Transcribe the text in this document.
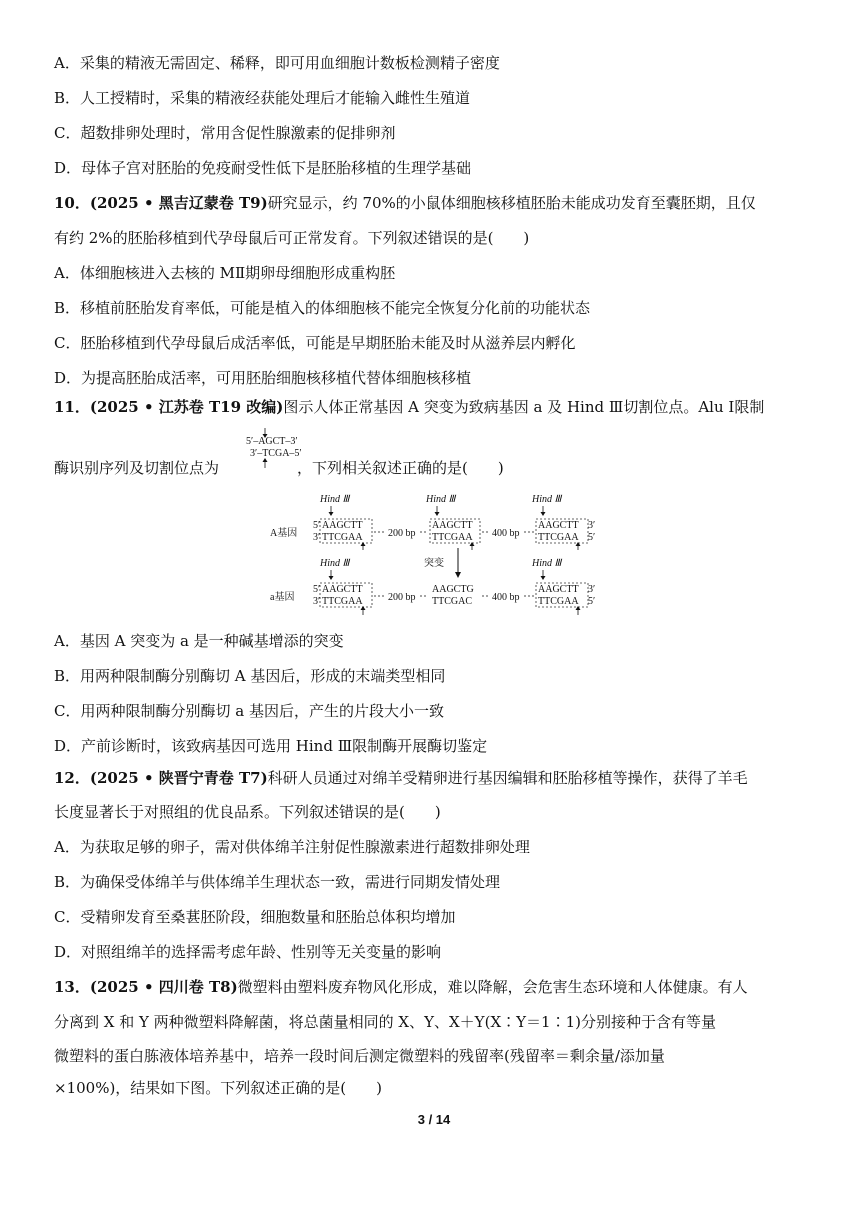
A．采集的精液无需固定、稀释，即可用血细胞计数板检测精子密度
B．人工授精时，采集的精液经获能处理后才能输入雌性生殖道
C．超数排卵处理时，常用含促性腺激素的促排卵剂
D．母体子宫对胚胎的免疫耐受性低下是胚胎移植的生理学基础
10．(2025 • 黑吉辽蒙卷 T9)研究显示，约 70%的小鼠体细胞核移植胚胎未能成功发育至囊胚期，且仅
有约 2%的胚胎移植到代孕母鼠后可正常发育。下列叙述错误的是(　　)
A．体细胞核进入去核的 MⅡ期卵母细胞形成重构胚
B．移植前胚胎发育率低，可能是植入的体细胞核不能完全恢复分化前的功能状态
C．胚胎移植到代孕母鼠后成活率低，可能是早期胚胎未能及时从滋养层内孵化
D．为提高胚胎成活率，可用胚胎细胞核移植代替体细胞核移植
11．(2025 • 江苏卷 T19 改编)图示人体正常基因 A 突变为致病基因 a 及 Hind Ⅲ切割位点。Alu Ⅰ限制
5′–AGCT–3′
3′–TCGA–5′
酶识别序列及切割位点为	，下列相关叙述正确的是(　　)
A基因
Hind Ⅲ
5′
3′
AAGCTT
TTCGAA	200 bp
Hind Ⅲ
AAGCTT
TTCGAA 400 bp
Hind Ⅲ
AAGCTT
TTCGAA
3′
5′
突变	Hind Ⅲ
Hind Ⅲ
a基因
5′
3′
AAGCTT
TTCGAA	200 bp
AAGCTG
TTCGAC 400 bp
AAGCTT
TTCGAA
3′
5′
A．基因 A 突变为 a 是一种碱基增添的突变
B．用两种限制酶分别酶切 A 基因后，形成的末端类型相同
C．用两种限制酶分别酶切 a 基因后，产生的片段大小一致
D．产前诊断时，该致病基因可选用 Hind Ⅲ限制酶开展酶切鉴定
12．(2025 • 陕晋宁青卷 T7)科研人员通过对绵羊受精卵进行基因编辑和胚胎移植等操作，获得了羊毛
长度显著长于对照组的优良品系。下列叙述错误的是(　　)
A．为获取足够的卵子，需对供体绵羊注射促性腺激素进行超数排卵处理
B．为确保受体绵羊与供体绵羊生理状态一致，需进行同期发情处理
C．受精卵发育至桑葚胚阶段，细胞数量和胚胎总体积均增加
D．对照组绵羊的选择需考虑年龄、性别等无关变量的影响
13．(2025 • 四川卷 T8)微塑料由塑料废弃物风化形成，难以降解，会危害生态环境和人体健康。有人
分离到 X 和 Y 两种微塑料降解菌，将总菌量相同的 X、Y、X＋Y(X∶Y＝1∶1)分别接种于含有等量
微塑料的蛋白胨液体培养基中，培养一段时间后测定微塑料的残留率(残留率＝剩余量/添加量
×100%)，结果如下图。下列叙述正确的是(　　)
3 / 14
